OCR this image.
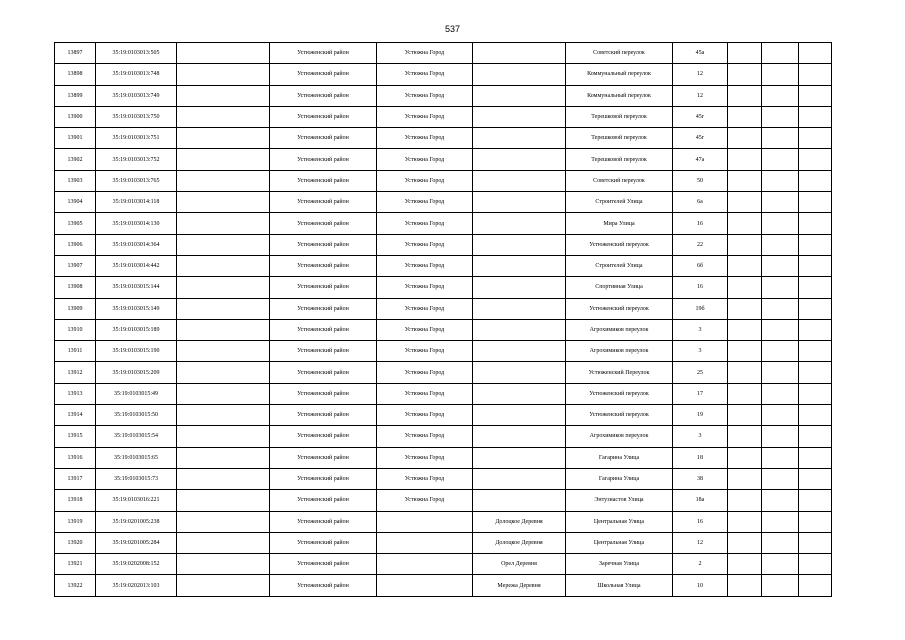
537
13897	35:19:0103013:505		Устюженский район	Устюжна Город		Советский переулок	45а			
13898	35:19:0103013:748		Устюженский район	Устюжна Город		Коммунальный переулок	12			
13899	35:19:0103013:749		Устюженский район	Устюжна Город		Коммунальный переулок	12			
13900	35:19:0103013:750		Устюженский район	Устюжна Город		Терешковой переулок	45г			
13901	35:19:0103013:751		Устюженский район	Устюжна Город		Терешковой переулок	45г			
13902	35:19:0103013:752		Устюженский район	Устюжна Город		Терешковой переулок	47а			
13903	35:19:0103013:765		Устюженский район	Устюжна Город		Советский переулок	50			
13904	35:19:0103014:118		Устюженский район	Устюжна Город		Строителей Улица	6а			
13905	35:19:0103014:130		Устюженский район	Устюжна Город		Мира Улица	16			
13906	35:19:0103014:364		Устюженский район	Устюжна Город		Устюженский переулок	22			
13907	35:19:0103014:442		Устюженский район	Устюжна Город		Строителей Улица	6б			
13908	35:19:0103015:144		Устюженский район	Устюжна Город		Спортивная Улица	16			
13909	35:19:0103015:149		Устюженский район	Устюжна Город		Устюженский переулок	19б			
13910	35:19:0103015:189		Устюженский район	Устюжна Город		Агрохимиков переулок	3			
13911	35:19:0103015:190		Устюженский район	Устюжна Город		Агрохимиков переулок	3			
13912	35:19:0103015:209		Устюженский район	Устюжна Город		Устюженский Переулок	25			
13913	35:19:0103015:49		Устюженский район	Устюжна Город		Устюженский переулок	17			
13914	35:19:0103015:50		Устюженский район	Устюжна Город		Устюженский переулок	19			
13915	35:19:0103015:54		Устюженский район	Устюжна Город		Агрохимиков переулок	3			
13916	35:19:0103015:65		Устюженский район	Устюжна Город		Гагарина Улица	18			
13917	35:19:0103015:73		Устюженский район	Устюжна Город		Гагарина Улица	38			
13918	35:19:0103016:221		Устюженский район	Устюжна Город		Энтузиастов Улица	18а			
13919	35:19:0201005:238		Устюженский район		Долоцкое Деревня	Центральная Улица	16			
13920	35:19:0201005:284		Устюженский район		Долоцкое Деревня	Центральная Улица	12			
13921	35:19:0202008:152		Устюженский район		Орел Деревня	Заречная Улица	2			
13922	35:19:0202013:103		Устюженский район		Мережа Деревня	Школьная Улица	10			
